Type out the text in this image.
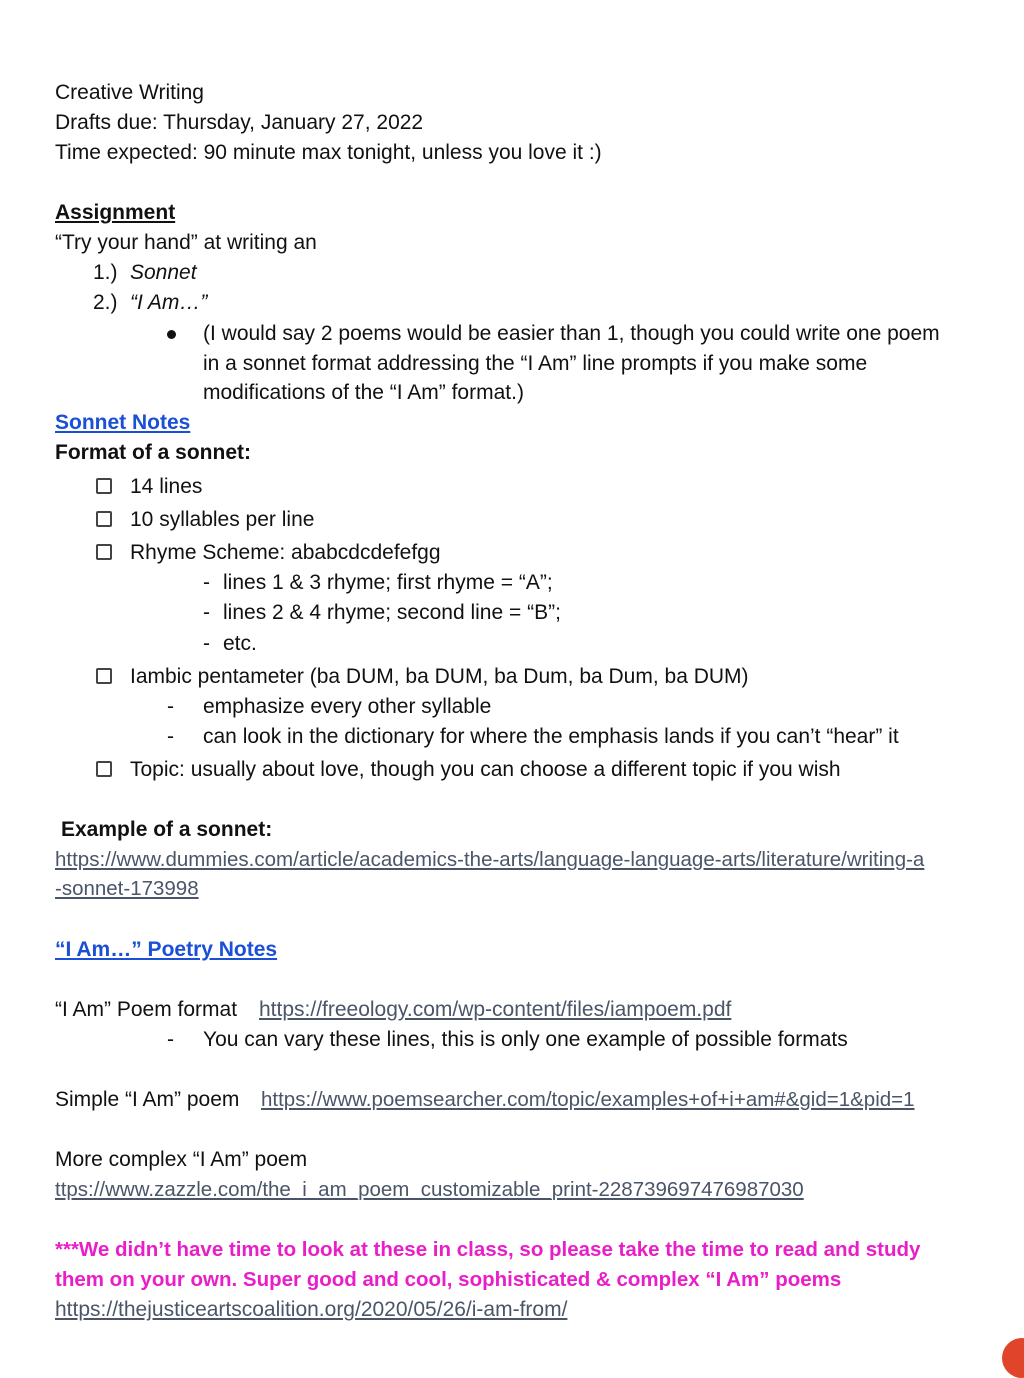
Creative Writing
Drafts due: Thursday, January 27, 2022
Time expected: 90 minute max tonight, unless you love it :)
Assignment
“Try your hand” at writing an
1.) Sonnet
2.) “I Am…”
(I would say 2 poems would be easier than 1, though you could write one poem
in a sonnet format addressing the “I Am” line prompts if you make some
modifications of the “I Am” format.)
Sonnet Notes
Format of a sonnet:
14 lines
10 syllables per line
Rhyme Scheme: ababcdcdefefgg
- lines 1 & 3 rhyme; first rhyme = “A”;
- lines 2 & 4 rhyme; second line = “B”;
- etc.
Iambic pentameter (ba DUM, ba DUM, ba Dum, ba Dum, ba DUM)
- emphasize every other syllable
- can look in the dictionary for where the emphasis lands if you can’t “hear” it
Topic: usually about love, though you can choose a different topic if you wish
Example of a sonnet:
https://www.dummies.com/article/academics-the-arts/language-language-arts/literature/writing-a
-sonnet-173998
“I Am…” Poetry Notes
“I Am” Poem format https://freeology.com/wp-content/files/iampoem.pdf
- You can vary these lines, this is only one example of possible formats
Simple “I Am” poem https://www.poemsearcher.com/topic/examples+of+i+am#&gid=1&pid=1
More complex “I Am” poem
ttps://www.zazzle.com/the_i_am_poem_customizable_print-228739697476987030
***We didn’t have time to look at these in class, so please take the time to read and study
them on your own. Super good and cool, sophisticated & complex “I Am” poems
https://thejusticeartscoalition.org/2020/05/26/i-am-from/
